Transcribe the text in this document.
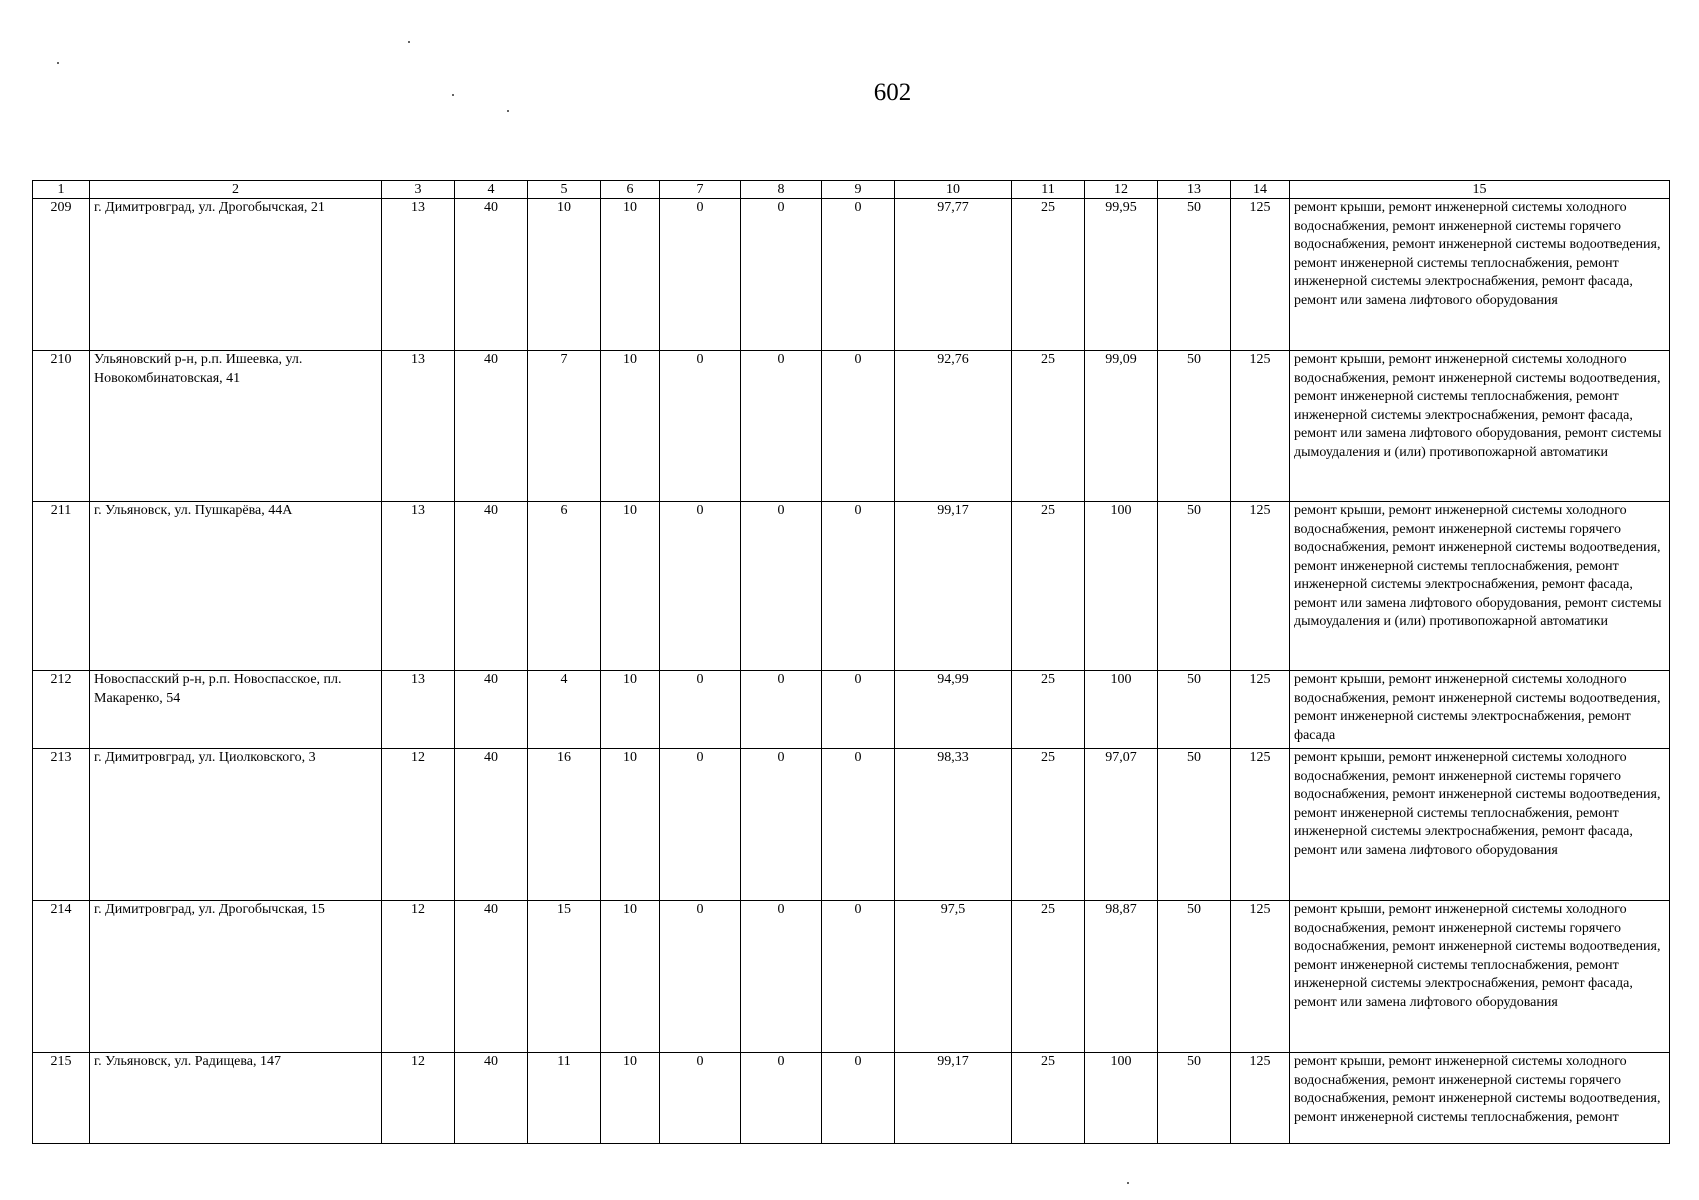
602
1	2	3	4	5	6	7	8	9	10	11	12	13	14	15
209	г. Димитровград, ул. Дрогобычская, 21	13	40	10	10	0	0	0	97,77	25	99,95	50	125	ремонт крыши, ремонт инженерной системы холодного водоснабжения, ремонт инженерной системы горячего водоснабжения, ремонт инженерной системы водоотведения, ремонт инженерной системы теплоснабжения, ремонт инженерной системы электроснабжения, ремонт фасада, ремонт или замена лифтового оборудования
210	Ульяновский р-н, р.п. Ишеевка, ул. Новокомбинатовская, 41	13	40	7	10	0	0	0	92,76	25	99,09	50	125	ремонт крыши, ремонт инженерной системы холодного водоснабжения, ремонт инженерной системы водоотведения, ремонт инженерной системы теплоснабжения, ремонт инженерной системы электроснабжения, ремонт фасада, ремонт или замена лифтового оборудования, ремонт системы дымоудаления и (или) противопожарной автоматики
211	г. Ульяновск, ул. Пушкарёва, 44А	13	40	6	10	0	0	0	99,17	25	100	50	125	ремонт крыши, ремонт инженерной системы холодного водоснабжения, ремонт инженерной системы горячего водоснабжения, ремонт инженерной системы водоотведения, ремонт инженерной системы теплоснабжения, ремонт инженерной системы электроснабжения, ремонт фасада, ремонт или замена лифтового оборудования, ремонт системы дымоудаления и (или) противопожарной автоматики
212	Новоспасский р-н, р.п. Новоспасское, пл. Макаренко, 54	13	40	4	10	0	0	0	94,99	25	100	50	125	ремонт крыши, ремонт инженерной системы холодного водоснабжения, ремонт инженерной системы водоотведения, ремонт инженерной системы электроснабжения, ремонт фасада
213	г. Димитровград, ул. Циолковского, 3	12	40	16	10	0	0	0	98,33	25	97,07	50	125	ремонт крыши, ремонт инженерной системы холодного водоснабжения, ремонт инженерной системы горячего водоснабжения, ремонт инженерной системы водоотведения, ремонт инженерной системы теплоснабжения, ремонт инженерной системы электроснабжения, ремонт фасада, ремонт или замена лифтового оборудования
214	г. Димитровград, ул. Дрогобычская, 15	12	40	15	10	0	0	0	97,5	25	98,87	50	125	ремонт крыши, ремонт инженерной системы холодного водоснабжения, ремонт инженерной системы горячего водоснабжения, ремонт инженерной системы водоотведения, ремонт инженерной системы теплоснабжения, ремонт инженерной системы электроснабжения, ремонт фасада, ремонт или замена лифтового оборудования
215	г. Ульяновск, ул. Радищева, 147	12	40	11	10	0	0	0	99,17	25	100	50	125	ремонт крыши, ремонт инженерной системы холодного водоснабжения, ремонт инженерной системы горячего водоснабжения, ремонт инженерной системы водоотведения, ремонт инженерной системы теплоснабжения, ремонт
